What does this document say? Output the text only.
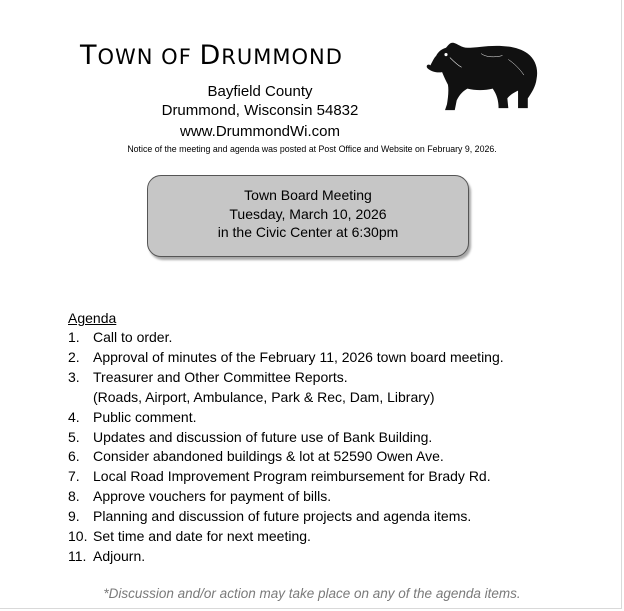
TOWN OF DRUMMOND
Bayfield County
Drummond, Wisconsin 54832
www.DrummondWi.com
Notice of the meeting and agenda was posted at Post Office and Website on February 9, 2026.
Town Board Meeting
Tuesday, March 10, 2026
in the Civic Center at 6:30pm
Agenda
1. Call to order.
2. Approval of minutes of the February 11, 2026 town board meeting.
3. Treasurer and Other Committee Reports.
(Roads, Airport, Ambulance, Park & Rec, Dam, Library)
4. Public comment.
5. Updates and discussion of future use of Bank Building.
6. Consider abandoned buildings & lot at 52590 Owen Ave.
7. Local Road Improvement Program reimbursement for Brady Rd.
8. Approve vouchers for payment of bills.
9. Planning and discussion of future projects and agenda items.
10. Set time and date for next meeting.
11. Adjourn.
*Discussion and/or action may take place on any of the agenda items.
